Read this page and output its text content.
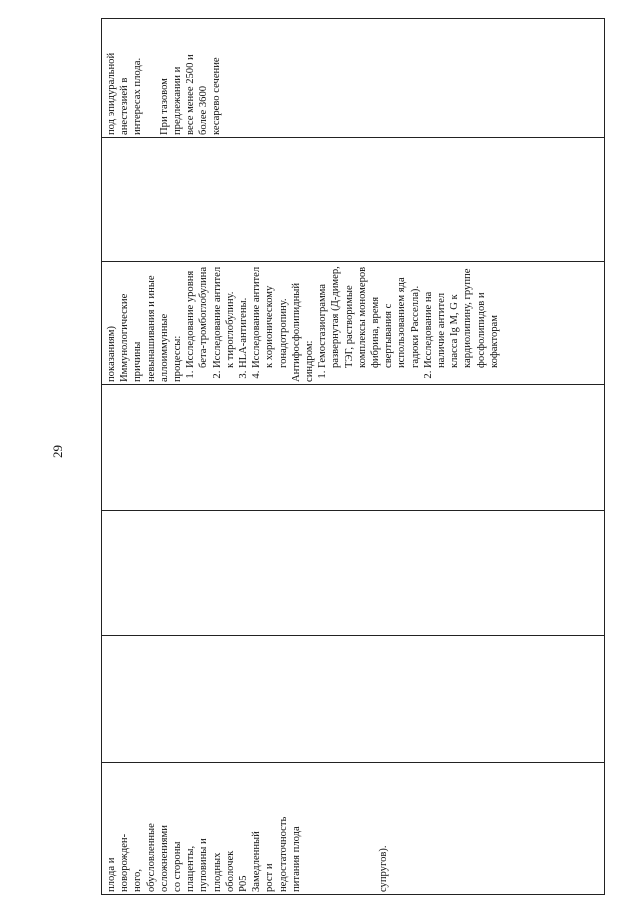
29

плода и новорожден- ного, обусловленные осложнениями со стороны плаценты, пуповины и плодных оболочек P05 Замедленный рост и недостаточность питания плода	супругов).

показаниям) Иммунологические причины невынашивания и иные аллоиммунные процессы: 1. Исследование уровня бета-тромбоглобулина 2. Исследование антител к тироглобулину. 3. HLA-антигены. 4. Исследование антител к хорионическому гонадотропину. Антифосфолипидный синдром: 1. Гемостазиограмма развернутая (Д-димер, ТЭГ, растворимые комплексы мономеров фибрина, время свертывания с использованием яда гадюки Расселла). 2. Исследование на наличие антител класса Ig M, G к кардиолипину, группе фосфолипидов и кофакторам

под эпидуральной анестезией в интересах плода. При тазовом предлежании и весе менее 2500 и более 3600 кесарево сечение
